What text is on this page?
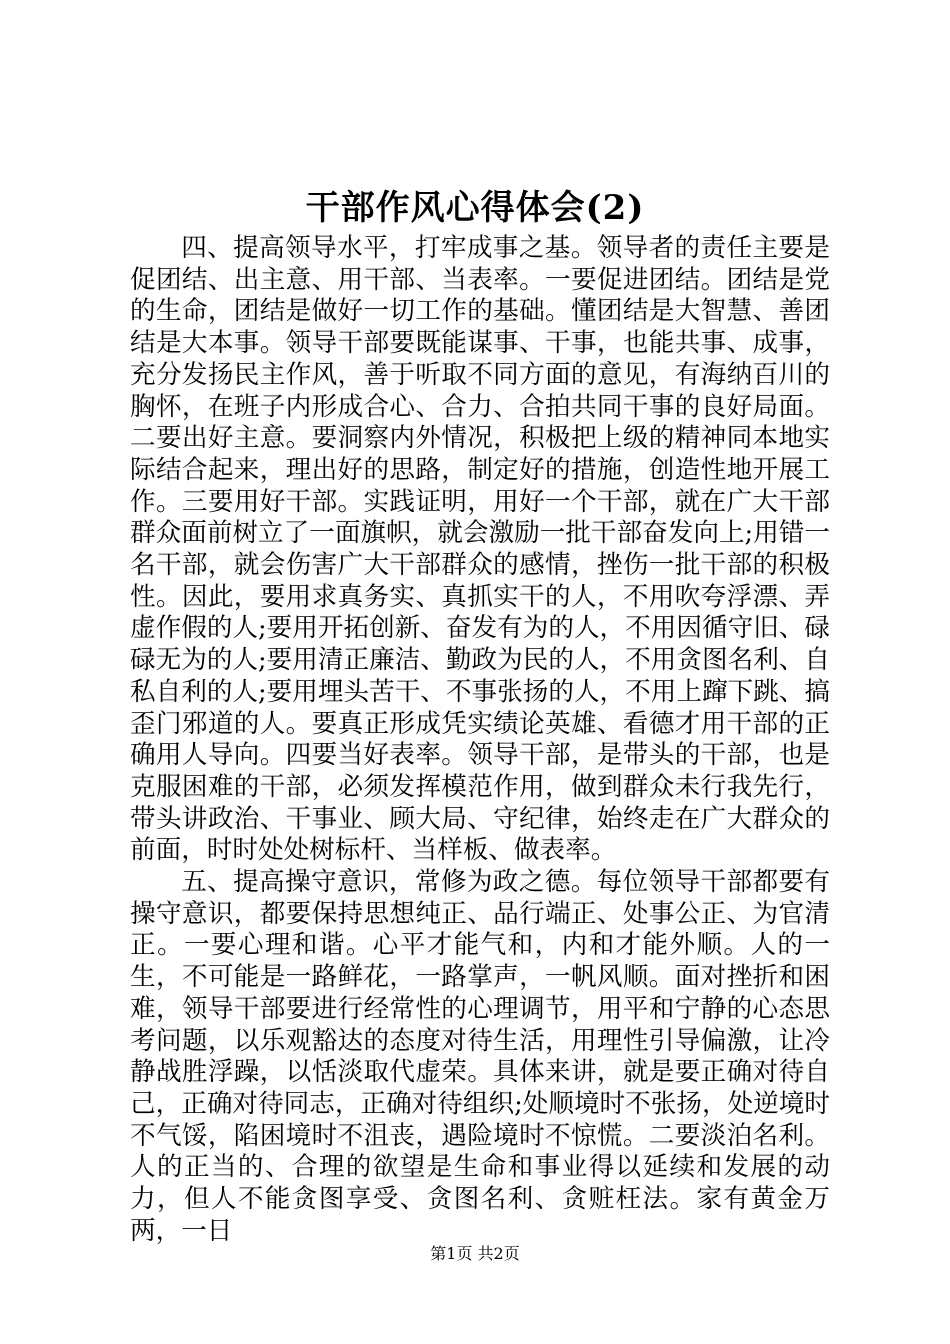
干部作风心得体会(2)

四、提高领导水平，打牢成事之基。领导者的责任主要是促团结、出主意、用干部、当表率。一要促进团结。团结是党的生命，团结是做好一切工作的基础。懂团结是大智慧、善团结是大本事。领导干部要既能谋事、干事，也能共事、成事，充分发扬民主作风，善于听取不同方面的意见，有海纳百川的胸怀，在班子内形成合心、合力、合拍共同干事的良好局面。二要出好主意。要洞察内外情况，积极把上级的精神同本地实际结合起来，理出好的思路，制定好的措施，创造性地开展工作。三要用好干部。实践证明，用好一个干部，就在广大干部群众面前树立了一面旗帜，就会激励一批干部奋发向上;用错一名干部，就会伤害广大干部群众的感情，挫伤一批干部的积极性。因此，要用求真务实、真抓实干的人，不用吹夸浮漂、弄虚作假的人;要用开拓创新、奋发有为的人，不用因循守旧、碌碌无为的人;要用清正廉洁、勤政为民的人，不用贪图名利、自私自利的人;要用埋头苦干、不事张扬的人，不用上蹿下跳、搞歪门邪道的人。要真正形成凭实绩论英雄、看德才用干部的正确用人导向。四要当好表率。领导干部，是带头的干部，也是克服困难的干部，必须发挥模范作用，做到群众未行我先行，带头讲政治、干事业、顾大局、守纪律，始终走在广大群众的前面，时时处处树标杆、当样板、做表率。

五、提高操守意识，常修为政之德。每位领导干部都要有操守意识，都要保持思想纯正、品行端正、处事公正、为官清正。一要心理和谐。心平才能气和，内和才能外顺。人的一生，不可能是一路鲜花，一路掌声，一帆风顺。面对挫折和困难，领导干部要进行经常性的心理调节，用平和宁静的心态思考问题，以乐观豁达的态度对待生活，用理性引导偏激，让冷静战胜浮躁，以恬淡取代虚荣。具体来讲，就是要正确对待自己，正确对待同志，正确对待组织;处顺境时不张扬，处逆境时不气馁，陷困境时不沮丧，遇险境时不惊慌。二要淡泊名利。人的正当的、合理的欲望是生命和事业得以延续和发展的动力，但人不能贪图享受、贪图名利、贪赃枉法。家有黄金万两，一日

第1页 共2页
